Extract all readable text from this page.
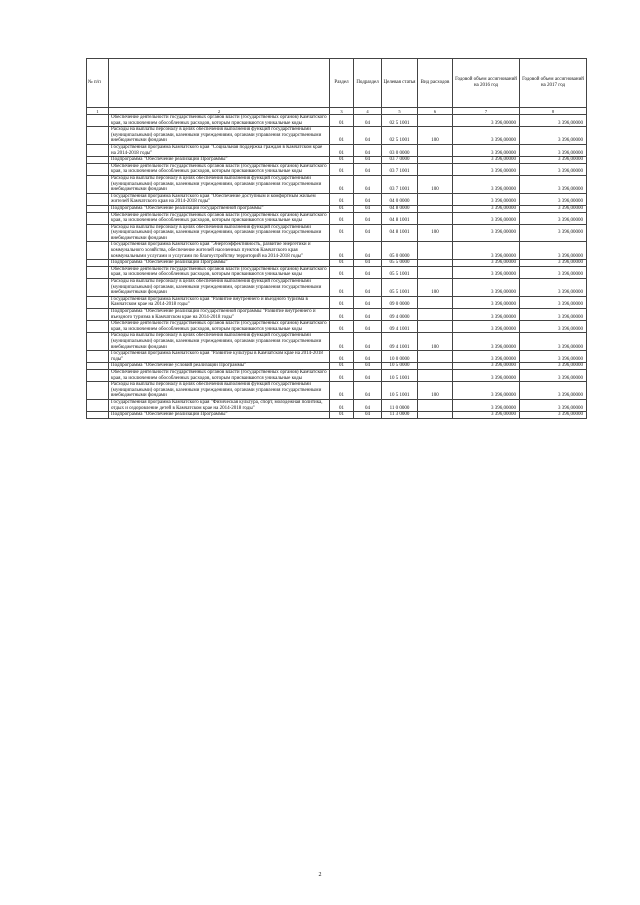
№ п/п		Раздел	Подраздел	Целевая статья	Вид расходов	Годовой объем ассигнований на 2016 год	Годовой объем ассигнований на 2017 год
1	2	3	4	5	6	7	8
	Обеспечение деятельности государственных органов власти (государственных органов) Камчатского края, за исключением обособленных расходов, которым присваиваются уникальные коды	01	04	02 5 1001		3 396,00000	3 396,00000
	Расходы на выплаты персоналу в целях обеспечения выполнения функций государственными (муниципальными) органами, казенными учреждениями, органами управления государственными внебюджетными фондами	01	04	02 5 1001	100	3 396,00000	3 396,00000
	Государственная программа Камчатского края "Социальная поддержка граждан в Камчатском крае на 2014-2018 годы"	01	04	03 0 0000		3 396,00000	3 396,00000
	Подпрограмма "Обеспечение реализации Программы"	01	04	03 7 0000		3 396,00000	3 396,00000
	Обеспечение деятельности государственных органов власти (государственных органов) Камчатского края, за исключением обособленных расходов, которым присваиваются уникальные коды	01	04	03 7 1001		3 396,00000	3 396,00000
	Расходы на выплаты персоналу в целях обеспечения выполнения функций государственными (муниципальными) органами, казенными учреждениями, органами управления государственными внебюджетными фондами	01	04	03 7 1001	100	3 396,00000	3 396,00000
	Государственная программа Камчатского края "Обеспечение доступным и комфортным жильем жителей Камчатского края на 2014-2018 годы"	01	04	04 0 0000		3 396,00000	3 396,00000
	Подпрограмма "Обеспечение реализации государственной программы"	01	04	04 8 0000		3 396,00000	3 396,00000
	Обеспечение деятельности государственных органов власти (государственных органов) Камчатского края, за исключением обособленных расходов, которым присваиваются уникальные коды	01	04	04 8 1001		3 396,00000	3 396,00000
	Расходы на выплаты персоналу в целях обеспечения выполнения функций государственными (муниципальными) органами, казенными учреждениями, органами управления государственными внебюджетными фондами	01	04	04 8 1001	100	3 396,00000	3 396,00000
	Государственная программа Камчатского края "Энергоэффективность, развитие энергетики и коммунального хозяйства, обеспечение жителей населенных пунктов Камчатского края коммунальными услугами и услугами по благоустройству территорий на 2014-2018 годы"	01	04	05 0 0000		3 396,00000	3 396,00000
	Подпрограмма "Обеспечение реализации Программы"	01	04	05 5 0000		3 396,00000	3 396,00000
	Обеспечение деятельности государственных органов власти (государственных органов) Камчатского края, за исключением обособленных расходов, которым присваиваются уникальные коды	01	04	05 5 1001		3 396,00000	3 396,00000
	Расходы на выплаты персоналу в целях обеспечения выполнения функций государственными (муниципальными) органами, казенными учреждениями, органами управления государственными внебюджетными фондами	01	04	05 5 1001	100	3 396,00000	3 396,00000
	Государственная программа Камчатского края "Развитие внутреннего и въездного туризма в Камчатском крае на 2014-2018 годы"	01	04	09 0 0000		3 396,00000	3 396,00000
	Подпрограмма "Обеспечение реализации государственной программы "Развитие внутреннего и въездного туризма в Камчатском крае на 2014-2018 годы"	01	04	09 4 0000		3 396,00000	3 396,00000
	Обеспечение деятельности государственных органов власти (государственных органов) Камчатского края, за исключением обособленных расходов, которым присваиваются уникальные коды	01	04	09 4 1001		3 396,00000	3 396,00000
	Расходы на выплаты персоналу в целях обеспечения выполнения функций государственными (муниципальными) органами, казенными учреждениями, органами управления государственными внебюджетными фондами	01	04	09 4 1001	100	3 396,00000	3 396,00000
	Государственная программа Камчатского края "Развитие культуры в Камчатском крае на 2014-2018 годы"	01	04	10 0 0000		3 396,00000	3 396,00000
	Подпрограмма "Обеспечение условий реализации Программы"	01	04	10 5 0000		3 396,00000	3 396,00000
	Обеспечение деятельности государственных органов власти (государственных органов) Камчатского края, за исключением обособленных расходов, которым присваиваются уникальные коды	01	04	10 5 1001		3 396,00000	3 396,00000
	Расходы на выплаты персоналу в целях обеспечения выполнения функций государственными (муниципальными) органами, казенными учреждениями, органами управления государственными внебюджетными фондами	01	04	10 5 1001	100	3 396,00000	3 396,00000
	Государственная программа Камчатского края "Физическая культура, спорт, молодежная политика, отдых и оздоровление детей в Камчатском крае на 2014-2018 годы"	01	04	11 0 0000		3 396,00000	3 396,00000
	Подпрограмма "Обеспечение реализации Программы"	01	04	11 3 0000		3 396,00000	3 396,00000
2
